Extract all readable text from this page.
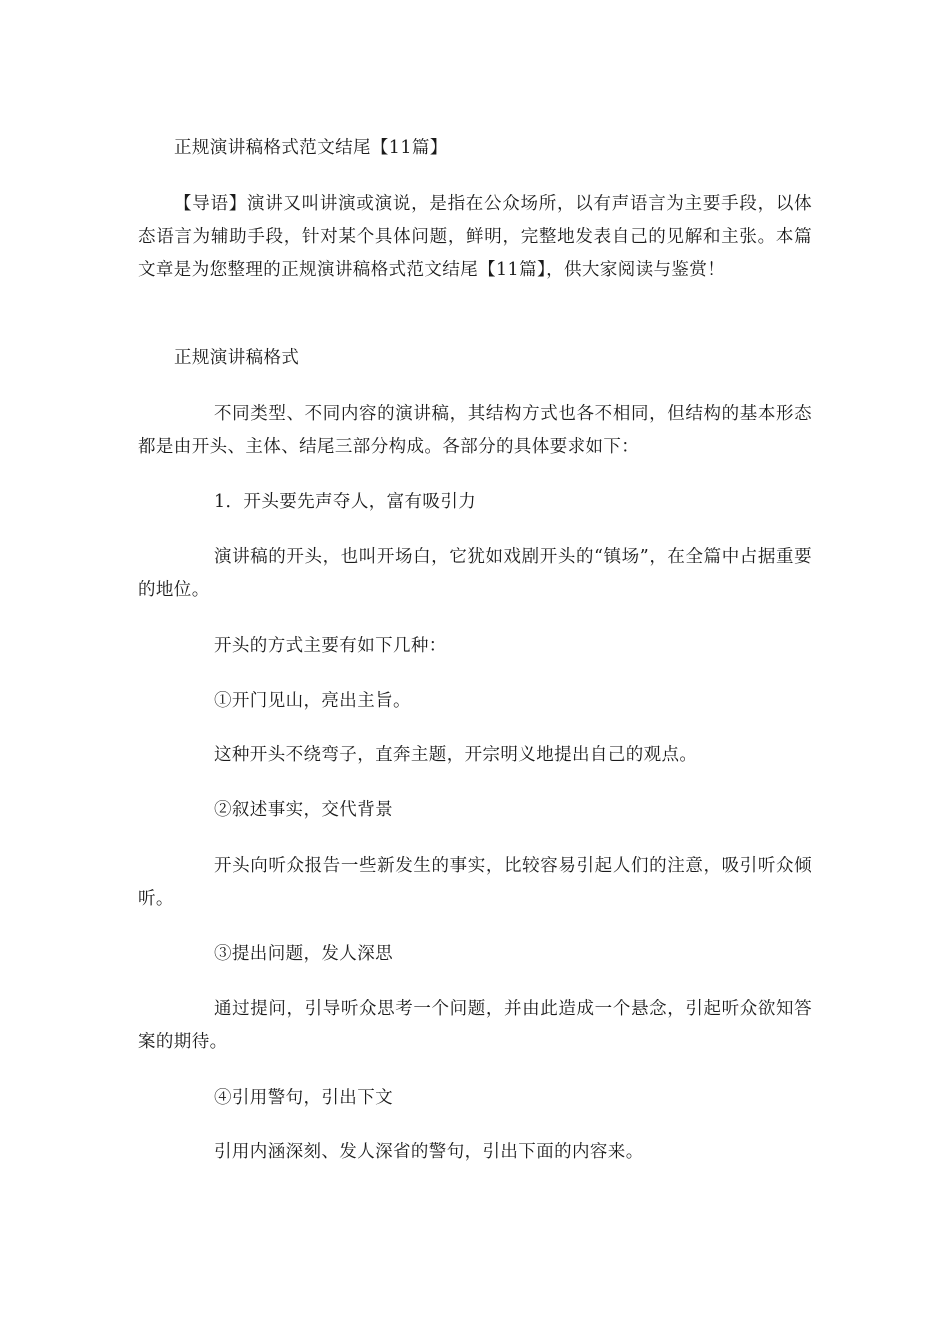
正规演讲稿格式范文结尾【11篇】

【导语】演讲又叫讲演或演说，是指在公众场所，以有声语言为主要手段，以体态语言为辅助手段，针对某个具体问题，鲜明，完整地发表自己的见解和主张。本篇文章是为您整理的正规演讲稿格式范文结尾【11篇】，供大家阅读与鉴赏！

正规演讲稿格式

不同类型、不同内容的演讲稿，其结构方式也各不相同，但结构的基本形态都是由开头、主体、结尾三部分构成。各部分的具体要求如下：

1．开头要先声夺人，富有吸引力

演讲稿的开头，也叫开场白，它犹如戏剧开头的“镇场”，在全篇中占据重要的地位。

开头的方式主要有如下几种：

①开门见山，亮出主旨。

这种开头不绕弯子，直奔主题，开宗明义地提出自己的观点。

②叙述事实，交代背景

开头向听众报告一些新发生的事实，比较容易引起人们的注意，吸引听众倾听。

③提出问题，发人深思

通过提问，引导听众思考一个问题，并由此造成一个悬念，引起听众欲知答案的期待。

④引用警句，引出下文

引用内涵深刻、发人深省的警句，引出下面的内容来。
